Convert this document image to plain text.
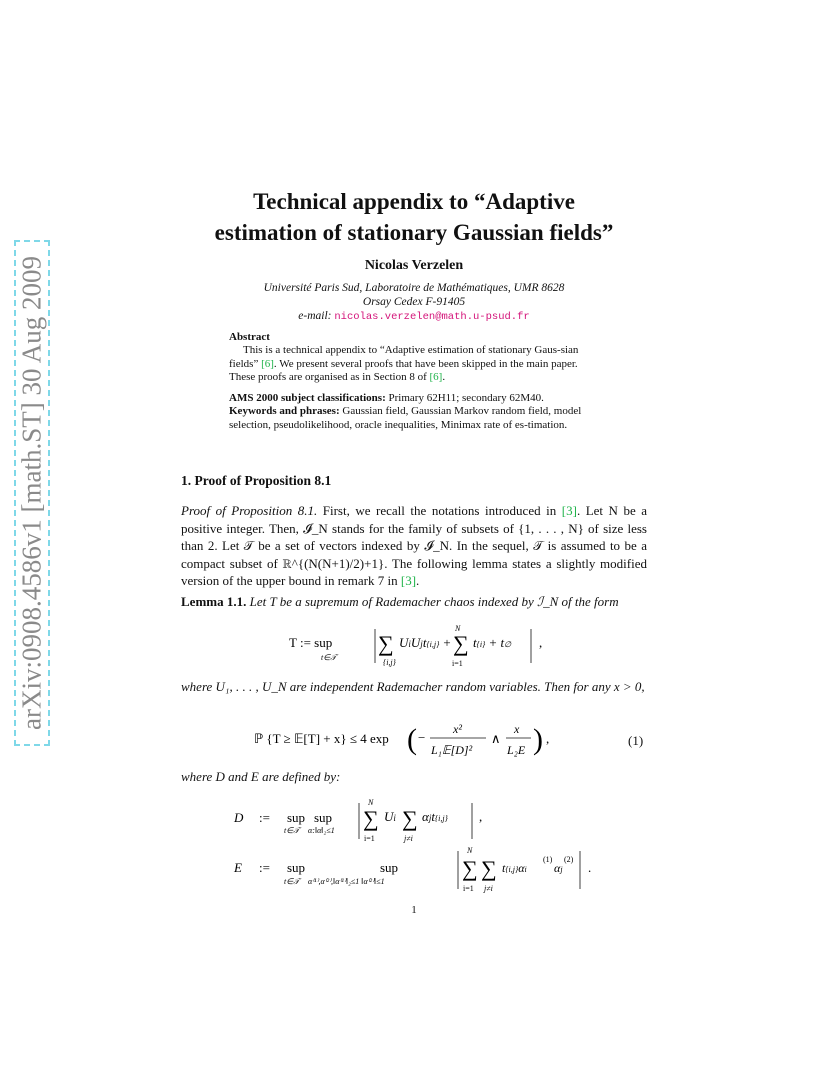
arXiv:0908.4586v1 [math.ST] 30 Aug 2009
Technical appendix to “Adaptive
estimation of stationary Gaussian fields”
Nicolas Verzelen
Université Paris Sud, Laboratoire de Mathématiques, UMR 8628
Orsay Cedex F-91405
e-mail: nicolas.verzelen@math.u-psud.fr
Abstract
This is a technical appendix to “Adaptive estimation of stationary Gaus-sian fields” [6]. We present several proofs that have been skipped in the main paper. These proofs are organised as in Section 8 of [6].
AMS 2000 subject classifications: Primary 62H11; secondary 62M40.
Keywords and phrases: Gaussian field, Gaussian Markov random field, model selection, pseudolikelihood, oracle inequalities, Minimax rate of es-timation.
1. Proof of Proposition 8.1
Proof of Proposition 8.1. First, we recall the notations introduced in [3]. Let N be a positive integer. Then, 𝓘_N stands for the family of subsets of {1, . . . , N} of size less than 2. Let 𝒯 be a set of vectors indexed by 𝓘_N. In the sequel, 𝒯 is assumed to be a compact subset of ℝ^{(N(N+1)/2)+1}. The following lemma states a slightly modified version of the upper bound in remark 7 in [3].
Lemma 1.1. Let T be a supremum of Rademacher chaos indexed by ℐ_N of the form
T := sup
t∈𝒯
∑
{i,j}
UiUjt{i,j} + ∑
N
i=1
t{i} + t∅ ,
where U₁, . . . , U_N are independent Rademacher random variables. Then for any x > 0,
ℙ {T ≥ 𝔼[T] + x} ≤ 4 exp ( −
x²
L₁𝔼[D]²
∧
x
L₂E ) ,	(1)
where D and E are defined by:
D := sup
t∈𝒯
sup
α:‖α‖₂≤1 ∑
N
i=1
Ui ∑
j≠i
αjt{i,j} ,
E := sup
t∈𝒯
sup
α⁽¹⁾,α⁽²⁾,‖α⁽¹⁾‖₂≤1 ‖α⁽²⁾‖≤1
∑
N
i=1
∑
j≠i
t{i,j}αi
(1)
αj
(2)
.
1
